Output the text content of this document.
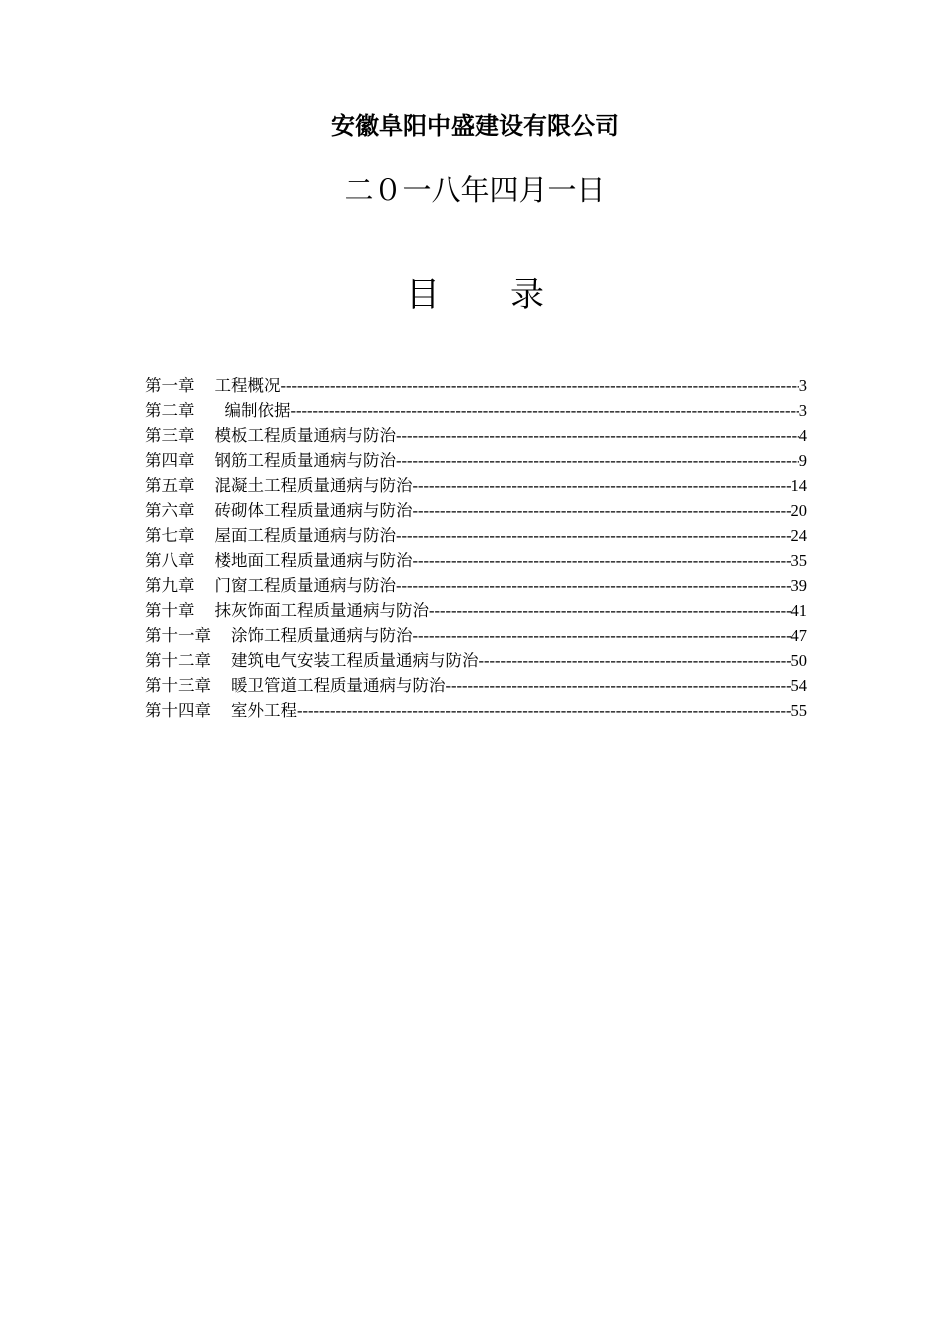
安徽阜阳中盛建设有限公司
二０一八年四月一日
目 录
第一章 工程概况 -----	3
第二章 编制依据 -----	3
第三章 模板工程质量通病与防治 -----	4
第四章 钢筋工程质量通病与防治 -----	9
第五章 混凝土工程质量通病与防治 -----	14
第六章 砖砌体工程质量通病与防治 -----	20
第七章 屋面工程质量通病与防治 -----	24
第八章 楼地面工程质量通病与防治 -----	35
第九章 门窗工程质量通病与防治 -----	39
第十章 抹灰饰面工程质量通病与防治 -----	41
第十一章 涂饰工程质量通病与防治 -----	47
第十二章 建筑电气安装工程质量通病与防治 -----	50
第十三章 暖卫管道工程质量通病与防治 -----	54
第十四章 室外工程 -----	55
